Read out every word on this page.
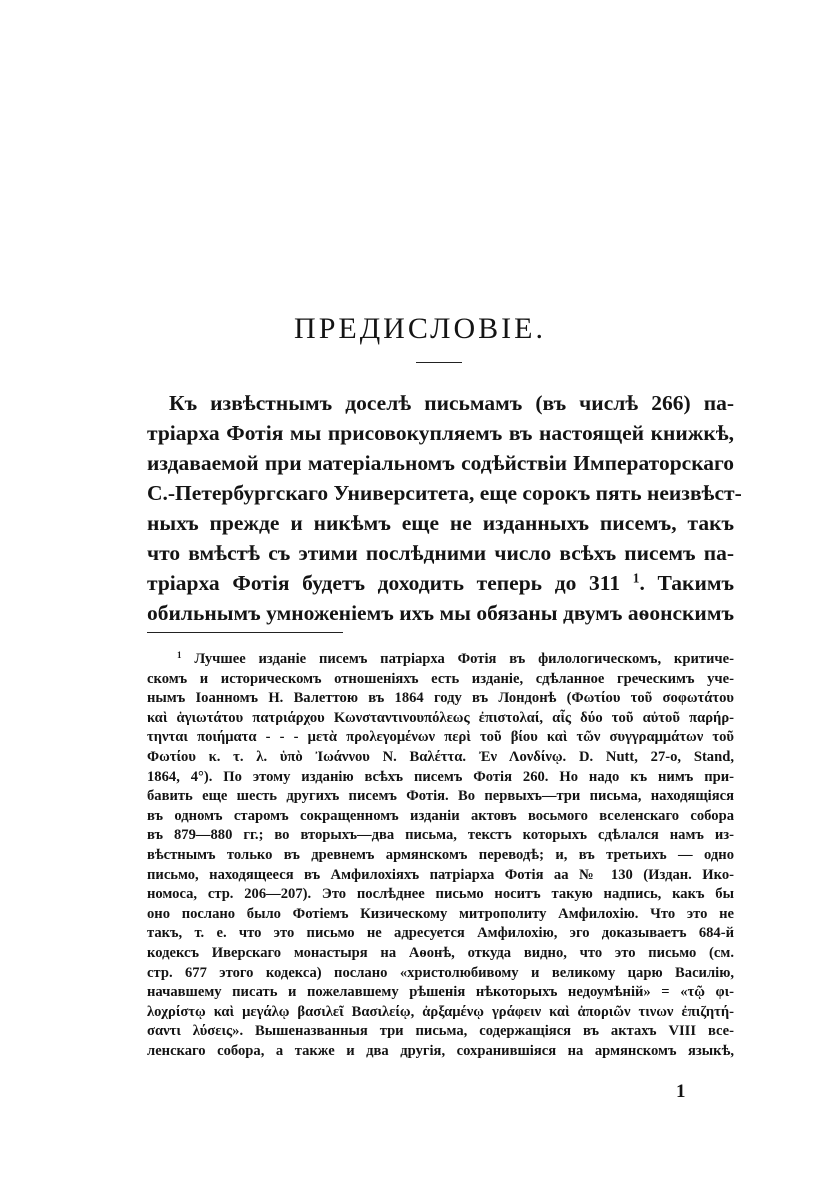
ПРЕДИСЛОВІЕ.
Къ извѣстнымъ доселѣ письмамъ (въ числѣ 266) па-
тріарха Фотія мы присовокупляемъ въ настоящей книжкѣ,
издаваемой при матеріальномъ содѣйствіи Императорскаго
С.-Петербургскаго Университета, еще сорокъ пять неизвѣст-
ныхъ прежде и никѣмъ еще не изданныхъ писемъ, такъ
что вмѣстѣ съ этими послѣдними число всѣхъ писемъ па-
тріарха Фотія будетъ доходить теперь до 311 $^1$. Такимъ
обильнымъ умноженіемъ ихъ мы обязаны двумъ аѳонскимъ
$^1$ Лучшее изданіе писемъ патріарха Фотія въ филологическомъ, критиче-
скомъ и историческомъ отношеніяхъ есть изданіе, сдѣланное греческимъ уче-
нымъ Іоанномъ Н. Валеттою въ 1864 году въ Лондонѣ (Φωτίου τοῦ σοφωτάτου
καὶ ἁγιωτάτου πατριάρχου Κωνσταντινουπόλεως ἐπιστολαί, αἷς δύο τοῦ αὐτοῦ παρήρ-
τηνται ποιήματα - - - μετὰ προλεγομένων περὶ τοῦ βίου καὶ τῶν συγγραμμάτων τοῦ
Φωτίου κ. τ. λ. ὑπὸ Ἰωάννου Ν. Βαλέττα. Ἐν Λονδίνῳ. D. Nutt, 27-o, Stand,
1864, 4°). По этому изданію всѣхъ писемъ Фотія 260. Но надо къ нимъ при-
бавить еще шесть другихъ писемъ Фотія. Во первыхъ—три письма, находящіяся
въ одномъ старомъ сокращенномъ изданіи актовъ восьмого вселенскаго собора
въ 879—880 гг.; во вторыхъ—два письма, текстъ которыхъ сдѣлался намъ из-
вѣстнымъ только въ древнемъ армянскомъ переводѣ; и, въ третьихъ — одно
письмо, находящееся въ Амфилохіяхъ патріарха Фотія аа № 130 (Издан. Ико-
номоса, стр. 206—207). Это послѣднее письмо носитъ такую надпись, какъ бы
оно послано было Фотіемъ Кизическому митрополиту Амфилохію. Что это не
такъ, т. е. что это письмо не адресуется Амфилохію, эго доказываетъ 684-й
кодексъ Иверскаго монастыря на Аѳонѣ, откуда видно, что это письмо (см.
стр. 677 этого кодекса) послано «христолюбивому и великому царю Василію,
начавшему писать и пожелавшему рѣшенія нѣкоторыхъ недоумѣній» = «τῷ φι-
λοχρίστῳ καὶ μεγάλῳ βασιλεῖ Βασιλείῳ, ἀρξαμένῳ γράφειν καὶ ἀποριῶν τινων ἐπιζητή-
σαντι λύσεις». Вышеназванныя три письма, содержащіяся въ актахъ VIII все-
ленскаго собора, а также и два другія, сохранившіяся на армянскомъ языкѣ,
1
